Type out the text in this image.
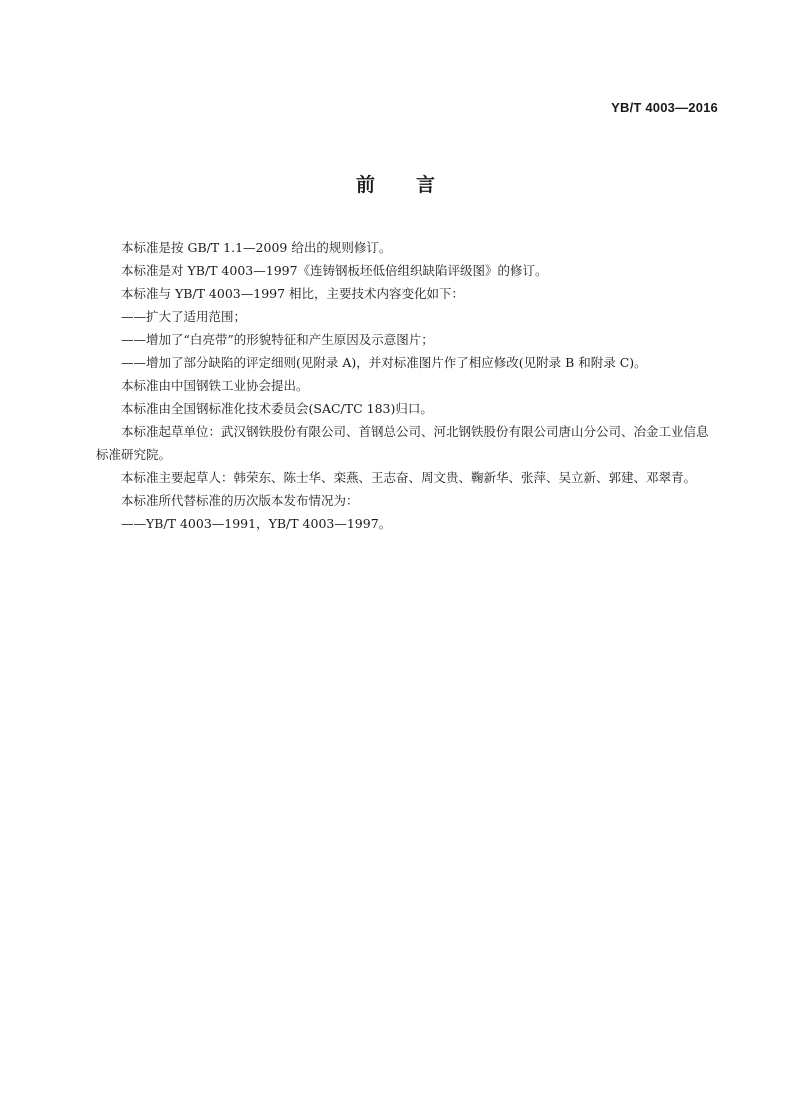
YB/T 4003—2016
前 言

本标准是按 GB/T 1.1—2009 给出的规则修订。

本标准是对 YB/T 4003—1997《连铸钢板坯低倍组织缺陷评级图》的修订。

本标准与 YB/T 4003—1997 相比，主要技术内容变化如下：

——扩大了适用范围；

——增加了“白亮带”的形貌特征和产生原因及示意图片；

——增加了部分缺陷的评定细则(见附录 A)，并对标准图片作了相应修改(见附录 B 和附录 C)。

本标准由中国钢铁工业协会提出。

本标准由全国钢标准化技术委员会(SAC/TC 183)归口。

本标准起草单位：武汉钢铁股份有限公司、首钢总公司、河北钢铁股份有限公司唐山分公司、冶金工业信息标准研究院。

本标准主要起草人：韩荣东、陈士华、栾燕、王志奋、周文贵、鞠新华、张萍、吴立新、郭建、邓翠青。

本标准所代替标准的历次版本发布情况为：

——YB/T 4003—1991，YB/T 4003—1997。
